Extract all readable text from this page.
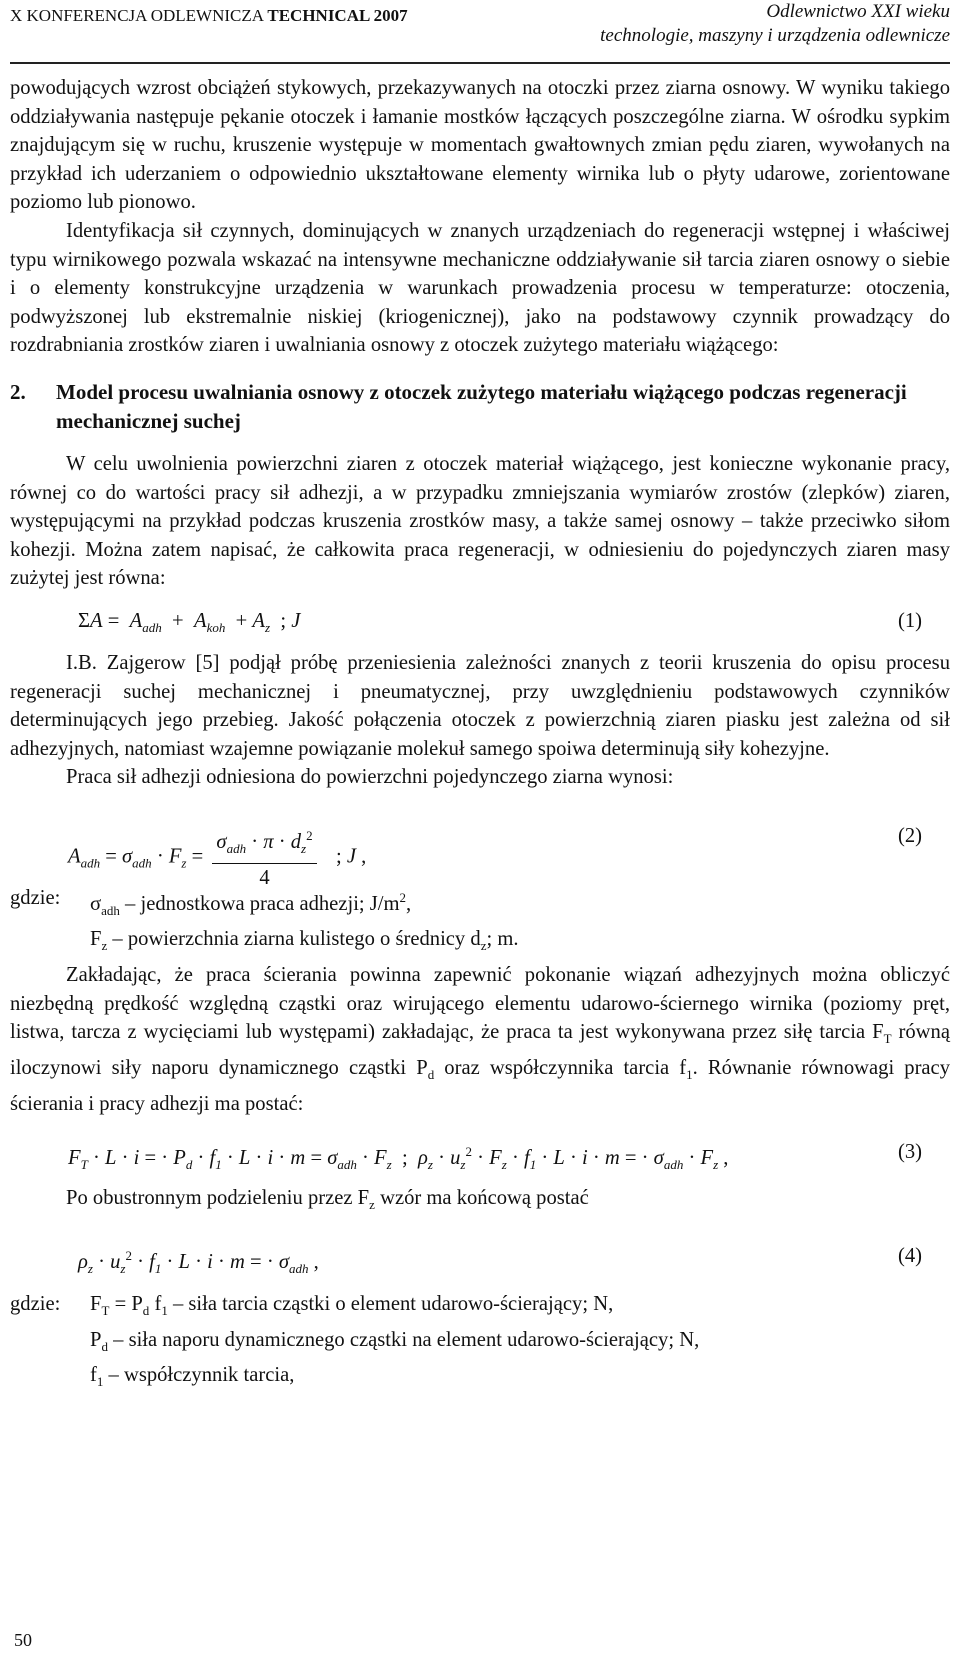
X KONFERENCJA ODLEWNICZA TECHNICAL 2007	Odlewnictwo XXI wieku
technologie, maszyny i urządzenia odlewnicze

powodujących wzrost obciążeń stykowych, przekazywanych na otoczki przez ziarna osnowy. W wyniku takiego oddziaływania następuje pękanie otoczek i łamanie mostków łączących poszczególne ziarna. W ośrodku sypkim znajdującym się w ruchu, kruszenie występuje w momentach gwałtownych zmian pędu ziaren, wywołanych na przykład ich uderzaniem o odpowiednio ukształtowane elementy wirnika lub o płyty udarowe, zorientowane poziomo lub pionowo.

Identyfikacja sił czynnych, dominujących w znanych urządzeniach do regeneracji wstępnej i właściwej typu wirnikowego pozwala wskazać na intensywne mechaniczne oddziaływanie sił tarcia ziaren osnowy o siebie i o elementy konstrukcyjne urządzenia w warunkach prowadzenia procesu w temperaturze: otoczenia, podwyższonej lub ekstremalnie niskiej (kriogenicznej), jako na podstawowy czynnik prowadzący do rozdrabniania zrostków ziaren i uwalniania osnowy z otoczek zużytego materiału wiążącego:

2.	Model procesu uwalniania osnowy z otoczek zużytego materiału wiążącego podczas regeneracji mechanicznej suchej

W celu uwolnienia powierzchni ziaren z otoczek materiał wiążącego, jest konieczne wykonanie pracy, równej co do wartości pracy sił adhezji, a w przypadku zmniejszania wymiarów zrostów (zlepków) ziaren, występującymi na przykład podczas kruszenia zrostków masy, a także samej osnowy – także przeciwko siłom kohezji. Można zatem napisać, że całkowita praca regeneracji, w odniesieniu do pojedynczych ziaren masy zużytej jest równa:

$\Sigma A = A_{adh} + A_{koh} + A_z$  ; J	(1)

I.B. Zajgerow [5] podjął próbę przeniesienia zależności znanych z teorii kruszenia do opisu procesu regeneracji suchej mechanicznej i pneumatycznej, przy uwzględnieniu podstawowych czynników determinujących jego przebieg. Jakość połączenia otoczek z powierzchnią ziaren piasku jest zależna od sił adhezyjnych, natomiast wzajemne powiązanie molekuł samego spoiwa determinują siły kohezyjne.

Praca sił adhezji odniesiona do powierzchni pojedynczego ziarna wynosi:

$A_{adh} = \sigma_{adh} \cdot F_z = \frac{\sigma_{adh} \cdot \pi \cdot d_z^2}{4}$ ; J ,
(2)
gdzie:	$\sigma_{adh}$ – jednostkowa praca adhezji; $J/m^2$,
$F_z$ – powierzchnia ziarna kulistego o średnicy $d_z$; m.

Zakładając, że praca ścierania powinna zapewnić pokonanie wiązań adhezyjnych można obliczyć niezbędną prędkość względną cząstki oraz wirującego elementu udarowo-ściernego wirnika (poziomy pręt, listwa, tarcza z wycięciami lub występami) zakładając, że praca ta jest wykonywana przez siłę tarcia $F_T$ równą iloczynowi siły naporu dynamicznego cząstki $P_d$ oraz współczynnika tarcia $f_1$. Równanie równowagi pracy ścierania i pracy adhezji ma postać:

$F_T \cdot L \cdot i$ = · $P_d \cdot f_1 \cdot L \cdot i \cdot m = \sigma_{adh} \cdot F_z$  ;  $\rho_z \cdot u_z^2 \cdot F_z \cdot f_1 \cdot L \cdot i \cdot m$ = · $\sigma_{adh} \cdot F_z$ ,	(3)

Po obustronnym podzieleniu przez $F_z$ wzór ma końcową postać

$\rho_z \cdot u_z^2 \cdot f_1 \cdot L \cdot i \cdot m$ = · $\sigma_{adh}$ ,	(4)
gdzie:	$F_T = P_d$ $f_1$ – siła tarcia cząstki o element udarowo-ścierający; N,
$P_d$ – siła naporu dynamicznego cząstki na element udarowo-ścierający; N,
$f_1$ – współczynnik tarcia,
50
